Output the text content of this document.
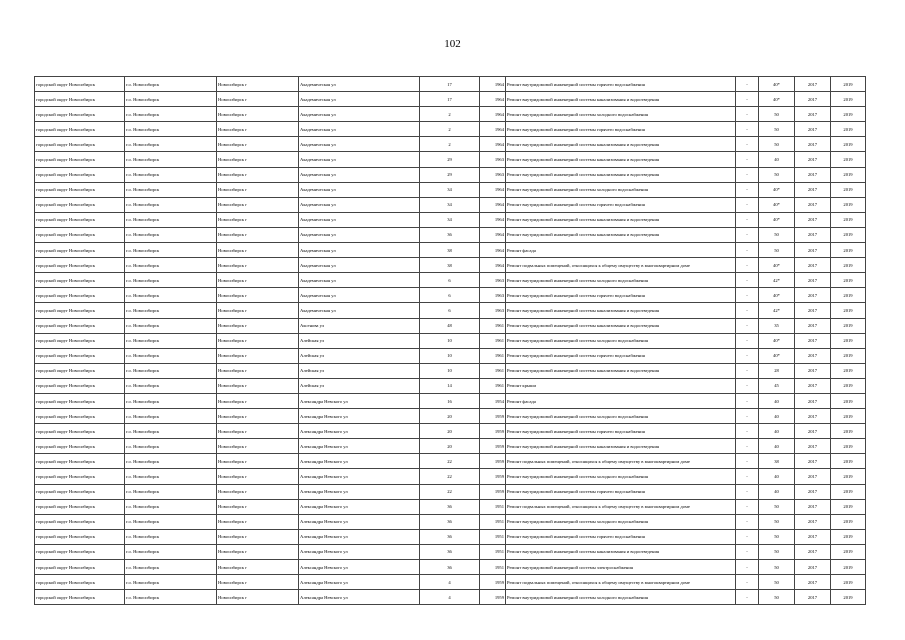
102
городской округ Новосибирск	г.о. Новосибирск	Новосибирск г	Академическая ул	17	1964	Ремонт внутридомовой инженерной системы горячего водоснабжения	-	40*	2017	2019
городской округ Новосибирск	г.о. Новосибирск	Новосибирск г	Академическая ул	17	1964	Ремонт внутридомовой инженерной системы канализования и водоотведения	-	40*	2017	2019
городской округ Новосибирск	г.о. Новосибирск	Новосибирск г	Академическая ул	2	1964	Ремонт внутридомовой инженерной системы холодного водоснабжения	-	50	2017	2019
городской округ Новосибирск	г.о. Новосибирск	Новосибирск г	Академическая ул	2	1964	Ремонт внутридомовой инженерной системы горячего водоснабжения	-	50	2017	2019
городской округ Новосибирск	г.о. Новосибирск	Новосибирск г	Академическая ул	2	1964	Ремонт внутридомовой инженерной системы канализования и водоотведения	-	50	2017	2019
городской округ Новосибирск	г.о. Новосибирск	Новосибирск г	Академическая ул	29	1963	Ремонт внутридомовой инженерной системы канализования и водоотведения	-	40	2017	2019
городской округ Новосибирск	г.о. Новосибирск	Новосибирск г	Академическая ул	29	1963	Ремонт внутридомовой инженерной системы канализования и водоотведения	-	50	2017	2019
городской округ Новосибирск	г.о. Новосибирск	Новосибирск г	Академическая ул	34	1964	Ремонт внутридомовой инженерной системы холодного водоснабжения	-	40*	2017	2019
городской округ Новосибирск	г.о. Новосибирск	Новосибирск г	Академическая ул	34	1964	Ремонт внутридомовой инженерной системы горячего водоснабжения	-	40*	2017	2019
городской округ Новосибирск	г.о. Новосибирск	Новосибирск г	Академическая ул	34	1964	Ремонт внутридомовой инженерной системы канализования и водоотведения	-	40*	2017	2019
городской округ Новосибирск	г.о. Новосибирск	Новосибирск г	Академическая ул	36	1964	Ремонт внутридомовой инженерной системы канализования и водоотведения	-	50	2017	2019
городской округ Новосибирск	г.о. Новосибирск	Новосибирск г	Академическая ул	38	1964	Ремонт фасада	-	50	2017	2019
городской округ Новосибирск	г.о. Новосибирск	Новосибирск г	Академическая ул	38	1964	Ремонт подвальных помещений, относящихся к общему имуществу в многоквартирном доме	-	40*	2017	2019
городской округ Новосибирск	г.о. Новосибирск	Новосибирск г	Академическая ул	6	1963	Ремонт внутридомовой инженерной системы холодного водоснабжения	-	42*	2017	2019
городской округ Новосибирск	г.о. Новосибирск	Новосибирск г	Академическая ул	6	1963	Ремонт внутридомовой инженерной системы горячего водоснабжения	-	40*	2017	2019
городской округ Новосибирск	г.о. Новосибирск	Новосибирск г	Академическая ул	6	1963	Ремонт внутридомовой инженерной системы канализования и водоотведения	-	42*	2017	2019
городской округ Новосибирск	г.о. Новосибирск	Новосибирск г	Аксенова ул	48	1961	Ремонт внутридомовой инженерной системы канализования и водоотведения	-	35	2017	2019
городской округ Новосибирск	г.о. Новосибирск	Новосибирск г	Алейская ул	10	1961	Ремонт внутридомовой инженерной системы холодного водоснабжения	-	40*	2017	2019
городской округ Новосибирск	г.о. Новосибирск	Новосибирск г	Алейская ул	10	1961	Ремонт внутридомовой инженерной системы горячего водоснабжения	-	40*	2017	2019
городской округ Новосибирск	г.о. Новосибирск	Новосибирск г	Алейская ул	10	1961	Ремонт внутридомовой инженерной системы канализования и водоотведения	-	28	2017	2019
городской округ Новосибирск	г.о. Новосибирск	Новосибирск г	Алейская ул	14	1961	Ремонт крыши	-	45	2017	2019
городской округ Новосибирск	г.о. Новосибирск	Новосибирск г	Александра Невского ул	16	1954	Ремонт фасада	-	40	2017	2019
городской округ Новосибирск	г.о. Новосибирск	Новосибирск г	Александра Невского ул	20	1959	Ремонт внутридомовой инженерной системы холодного водоснабжения	-	40	2017	2019
городской округ Новосибирск	г.о. Новосибирск	Новосибирск г	Александра Невского ул	20	1959	Ремонт внутридомовой инженерной системы горячего водоснабжения	-	40	2017	2019
городской округ Новосибирск	г.о. Новосибирск	Новосибирск г	Александра Невского ул	20	1959	Ремонт внутридомовой инженерной системы канализования и водоотведения	-	40	2017	2019
городской округ Новосибирск	г.о. Новосибирск	Новосибирск г	Александра Невского ул	22	1959	Ремонт подвальных помещений, относящихся к общему имуществу в многоквартирном доме	-	38	2017	2019
городской округ Новосибирск	г.о. Новосибирск	Новосибирск г	Александра Невского ул	22	1959	Ремонт внутридомовой инженерной системы холодного водоснабжения	-	40	2017	2019
городской округ Новосибирск	г.о. Новосибирск	Новосибирск г	Александра Невского ул	22	1959	Ремонт внутридомовой инженерной системы горячего водоснабжения	-	40	2017	2019
городской округ Новосибирск	г.о. Новосибирск	Новосибирск г	Александра Невского ул	36	1951	Ремонт подвальных помещений, относящихся к общему имуществу в многоквартирном доме	-	50	2017	2019
городской округ Новосибирск	г.о. Новосибирск	Новосибирск г	Александра Невского ул	36	1951	Ремонт внутридомовой инженерной системы холодного водоснабжения	-	50	2017	2019
городской округ Новосибирск	г.о. Новосибирск	Новосибирск г	Александра Невского ул	36	1951	Ремонт внутридомовой инженерной системы горячего водоснабжения	-	50	2017	2019
городской округ Новосибирск	г.о. Новосибирск	Новосибирск г	Александра Невского ул	36	1951	Ремонт внутридомовой инженерной системы канализования и водоотведения	-	50	2017	2019
городской округ Новосибирск	г.о. Новосибирск	Новосибирск г	Александра Невского ул	36	1951	Ремонт внутридомовой инженерной системы электроснабжения	-	50	2017	2019
городской округ Новосибирск	г.о. Новосибирск	Новосибирск г	Александра Невского ул	4	1959	Ремонт подвальных помещений, относящихся к общему имуществу в многоквартирном доме	-	50	2017	2019
городской округ Новосибирск	г.о. Новосибирск	Новосибирск г	Александра Невского ул	4	1959	Ремонт внутридомовой инженерной системы холодного водоснабжения	-	50	2017	2019
